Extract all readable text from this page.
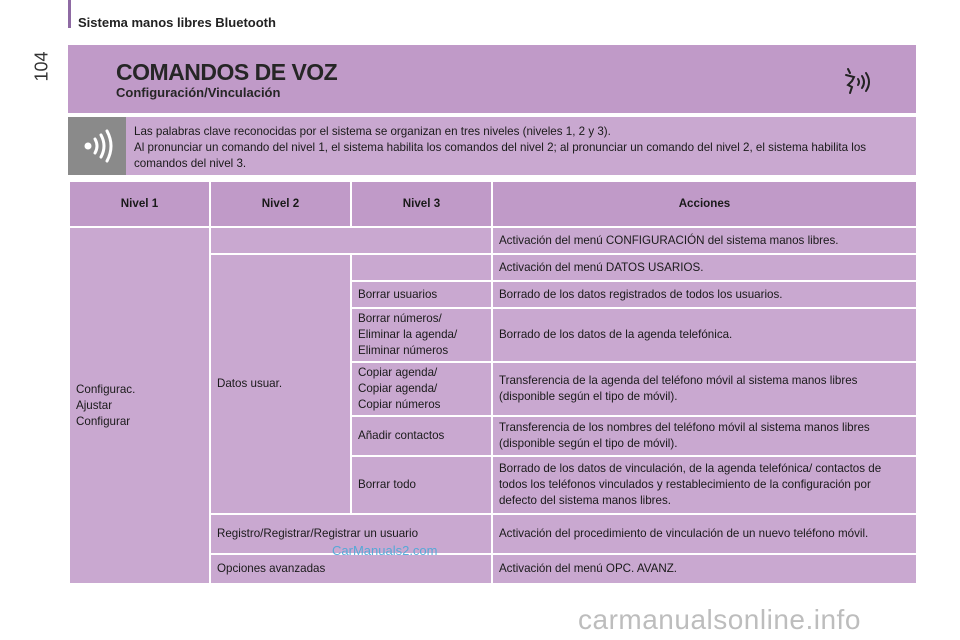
Sistema manos libres Bluetooth
104	COMANDOS DE VOZ
Configuración/Vinculación
Las palabras clave reconocidas por el sistema se organizan en tres niveles (niveles 1, 2 y 3).
Al pronunciar un comando del nivel 1, el sistema habilita los comandos del nivel 2; al pronunciar un comando del nivel 2, el sistema habilita los comandos del nivel 3.
Nivel 1	Nivel 2	Nivel 3	Acciones

Configurac.
Ajustar
Configurar			Activación del menú CONFIGURACIÓN del sistema manos libres.
	Datos usuar.		Activación del menú DATOS USARIOS.
		Borrar usuarios	Borrado de los datos registrados de todos los usuarios.

		Borrar números/
Eliminar la agenda/
Eliminar números	Borrado de los datos de la agenda telefónica.

		Copiar agenda/
Copiar agenda/
Copiar números	Transferencia de la agenda del teléfono móvil al sistema manos libres (disponible según el tipo de móvil).
		Añadir contactos	Transferencia de los nombres del teléfono móvil al sistema manos libres (disponible según el tipo de móvil).
		Borrar todo	Borrado de los datos de vinculación, de la agenda telefónica/ contactos de todos los teléfonos vinculados y restablecimiento de la configuración por defecto del sistema manos libres.
	Registro/Registrar/Registrar un usuario		Activación del procedimiento de vinculación de un nuevo teléfono móvil.
	Opciones avanzadas		Activación del menú OPC. AVANZ.
CarManuals2.com
carmanualsonline.info
